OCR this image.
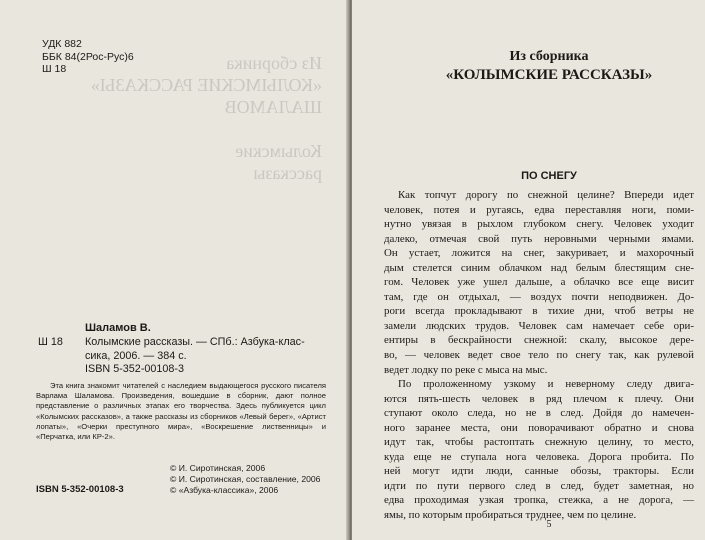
Из сборника
«КОЛЫМСКИЕ РАССКАЗЫ»
ШАЛАМОВ

Колымские
рассказы
УДК 882
ББК 84(2Рос-Рус)6
Ш 18
Шаламов В.
Ш 18	Колымские рассказы. — СПб.: Азбука-клас-
сика, 2006. — 384 с.
ISBN 5-352-00108-3

Эта книга знакомит читателей с наследием выдающегося русского писателя Варлама Шаламова. Произведения, вошедшие в сборник, дают полное представление о различных этапах его творчества. Здесь публикуется цикл «Колымских рассказов», а также рассказы из сборников «Левый берег», «Артист лопаты», «Очерки преступного мира», «Воскрешение лиственницы» и «Перчатка, или КР-2».

© И. Сиротинская, 2006
© И. Сиротинская, составление, 2006
© «Азбука-классика», 2006
ISBN 5-352-00108-3
Из сборника
«КОЛЫМСКИЕ РАССКАЗЫ»
ПО СНЕГУ
Как топчут дорогу по снежной целине? Впереди идет
человек, потея и ругаясь, едва переставляя ноги, поми-
нутно увязая в рыхлом глубоком снегу. Человек уходит
далеко, отмечая свой путь неровными черными ямами.
Он устает, ложится на снег, закуривает, и махорочный
дым стелется синим облачком над белым блестящим сне-
гом. Человек уже ушел дальше, а облачко все еще висит
там, где он отдыхал, — воздух почти неподвижен. До-
роги всегда прокладывают в тихие дни, чтоб ветры не
замели людских трудов. Человек сам намечает себе ори-
ентиры в бескрайности снежной: скалу, высокое дере-
во, — человек ведет свое тело по снегу так, как рулевой
ведет лодку по реке с мыса на мыс.
По проложенному узкому и неверному следу двига-
ются пять-шесть человек в ряд плечом к плечу. Они
ступают около следа, но не в след. Дойдя до намечен-
ного заранее места, они поворачивают обратно и снова
идут так, чтобы растоптать снежную целину, то место,
куда еще не ступала нога человека. Дорога пробита. По
ней могут идти люди, санные обозы, тракторы. Если
идти по пути первого след в след, будет заметная, но
едва проходимая узкая тропка, стежка, а не дорога, —
ямы, по которым пробираться труднее, чем по целине.
5
